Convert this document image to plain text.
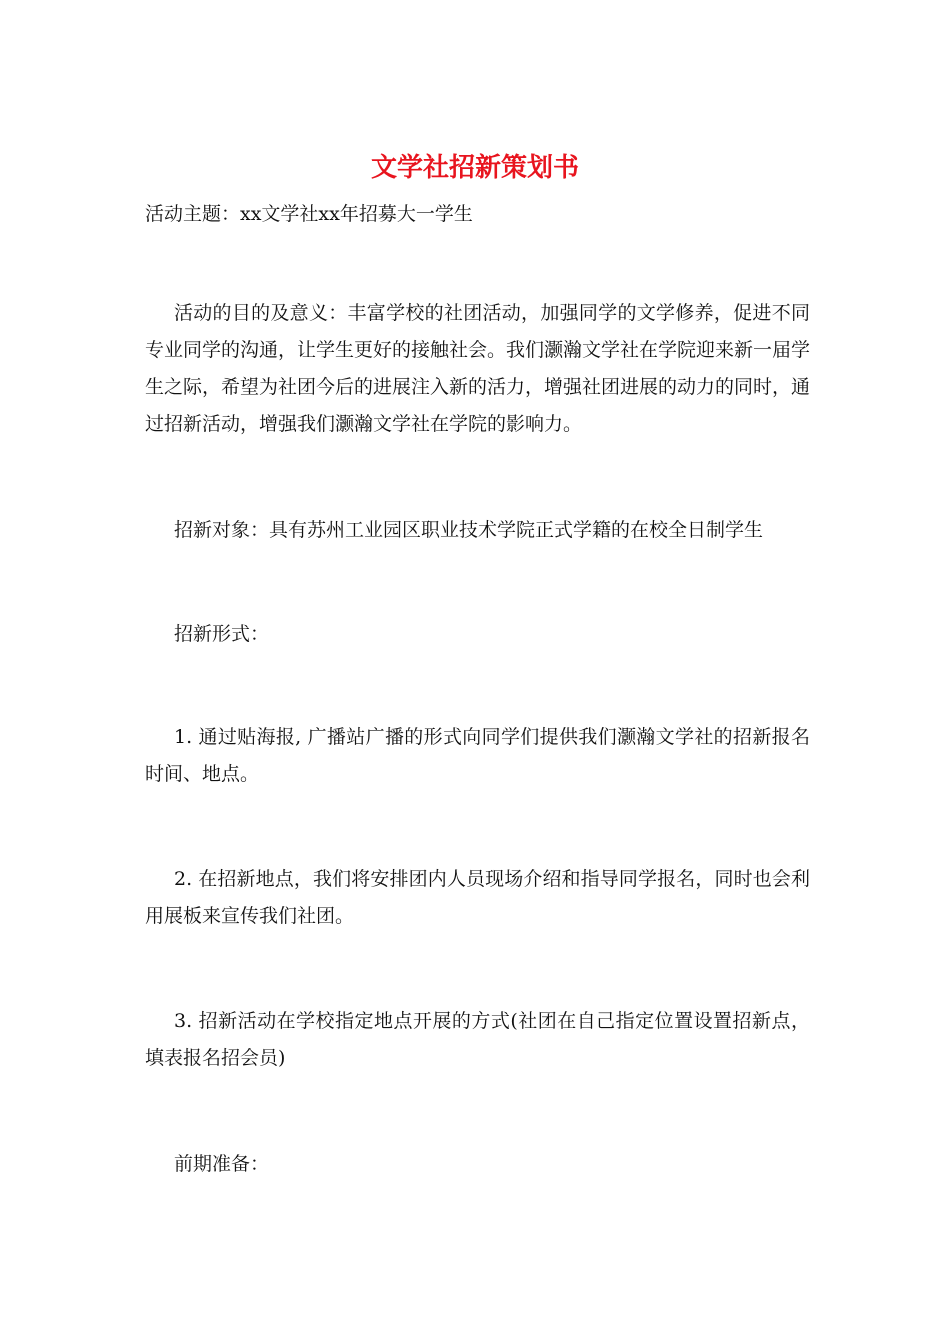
文学社招新策划书
活动主题：xx文学社xx年招募大一学生
活动的目的及意义：丰富学校的社团活动，加强同学的文学修养，促进不同专业同学的沟通，让学生更好的接触社会。我们灏瀚文学社在学院迎来新一届学生之际，希望为社团今后的进展注入新的活力，增强社团进展的动力的同时，通过招新活动，增强我们灏瀚文学社在学院的影响力。
招新对象：具有苏州工业园区职业技术学院正式学籍的在校全日制学生
招新形式：
1. 通过贴海报, 广播站广播的形式向同学们提供我们灏瀚文学社的招新报名时间、地点。
2. 在招新地点，我们将安排团内人员现场介绍和指导同学报名，同时也会利用展板来宣传我们社团。
3. 招新活动在学校指定地点开展的方式(社团在自己指定位置设置招新点，填表报名招会员)
前期准备：
